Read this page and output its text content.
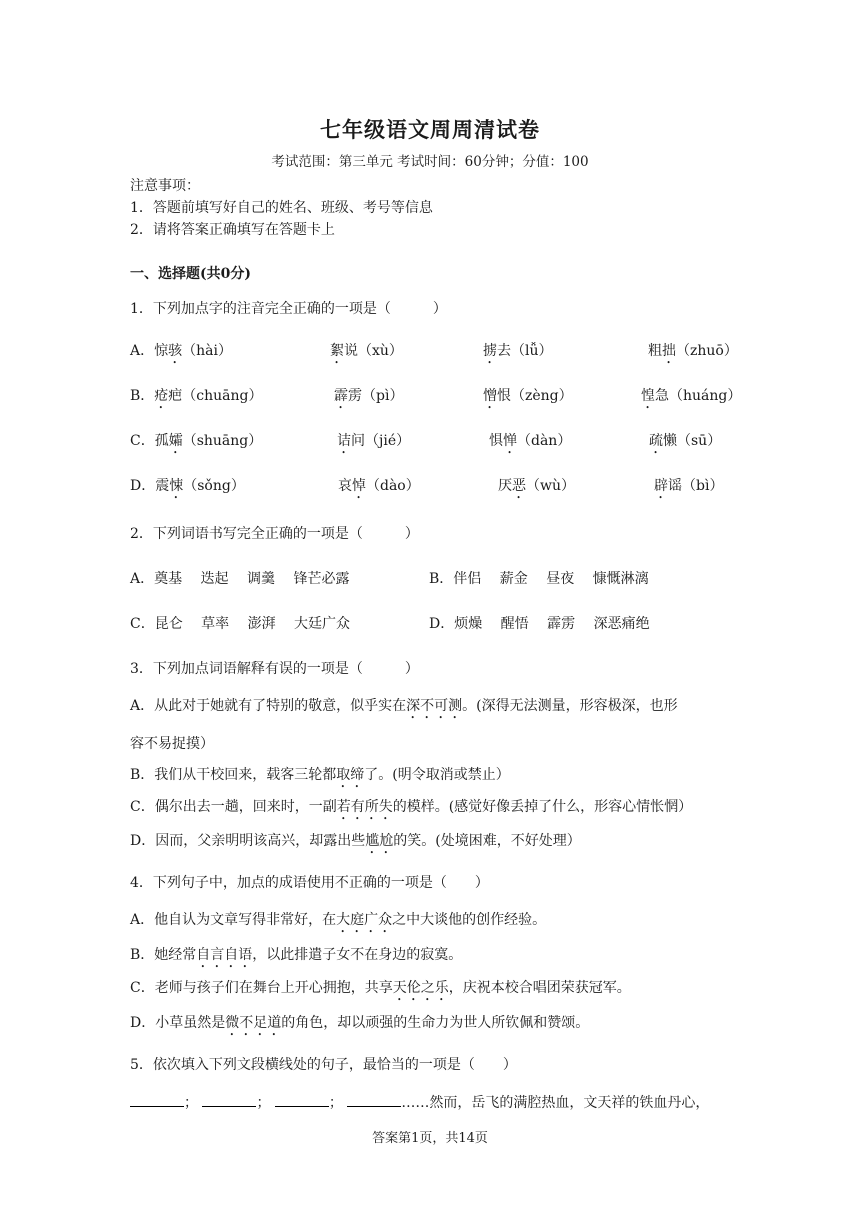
七年级语文周周清试卷
考试范围：第三单元 考试时间：60分钟；分值：100
注意事项：
1．答题前填写好自己的姓名、班级、考号等信息
2．请将答案正确填写在答题卡上
一、选择题(共0分)
1．下列加点字的注音完全正确的一项是（　　　）
A．惊骇（hài）	絮说（xù）	掳去（lǚ）	粗拙（zhuō）
B．疮疤（chuāng）	霹雳（pì）	憎恨（zèng）	惶急（huáng）
C．孤孀（shuāng）	诘问（jié）	惧惮（dàn）	疏懒（sū）
D．震悚（sǒng）	哀悼（dào）	厌恶（wù）	辟谣（bì）
2．下列词语书写完全正确的一项是（　　　）
A．奠基　 迭起　 调羹　 锋芒必露	B．伴侣　 薪金　 昼夜　 慷慨淋漓
C．昆仑　 草率　 澎湃　 大廷广众	D．烦燥　 醒悟　 霹雳　 深恶痛绝
3．下列加点词语解释有误的一项是（　　　）
A．从此对于她就有了特别的敬意，似乎实在深不可测。(深得无法测量，形容极深，也形
容不易捉摸）
B．我们从干校回来，载客三轮都取缔了。(明令取消或禁止）
C．偶尔出去一趟，回来时，一副若有所失的模样。(感觉好像丢掉了什么，形容心情怅惘）
D．因而，父亲明明该高兴，却露出些尴尬的笑。(处境困难，不好处理）
4．下列句子中，加点的成语使用不正确的一项是（　　）
A．他自认为文章写得非常好，在大庭广众之中大谈他的创作经验。
B．她经常自言自语，以此排遣子女不在身边的寂寞。
C．老师与孩子们在舞台上开心拥抱，共享天伦之乐，庆祝本校合唱团荣获冠军。
D．小草虽然是微不足道的角色，却以顽强的生命力为世人所钦佩和赞颂。
5．依次填入下列文段横线处的句子，最恰当的一项是（　　）
；	；	；	……然而，岳飞的满腔热血，文天祥的铁血丹心，
答案第1页，共14页
